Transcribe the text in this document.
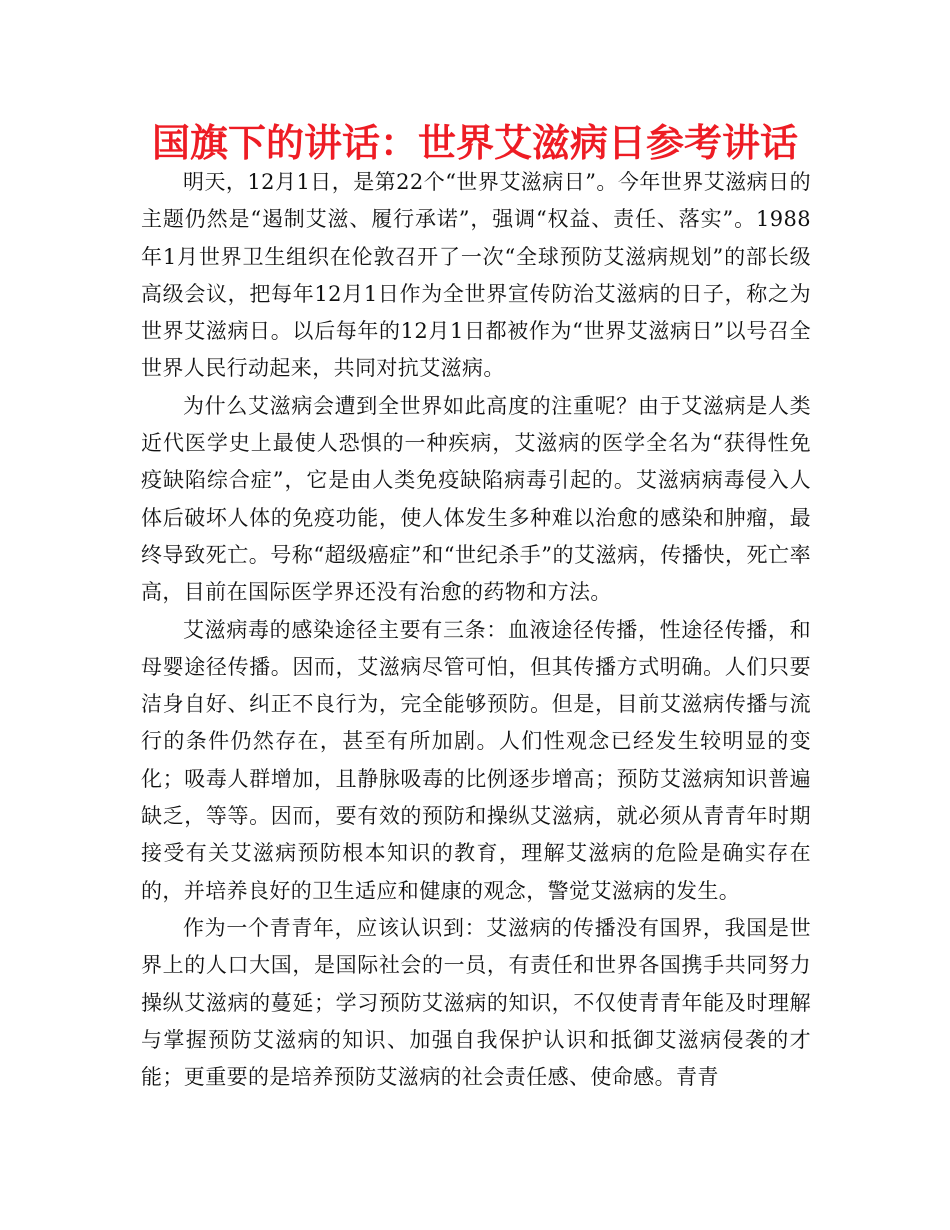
国旗下的讲话：世界艾滋病日参考讲话

明天，12月1日，是第22个“世界艾滋病日”。今年世界艾滋病日的主题仍然是“遏制艾滋、履行承诺”，强调“权益、责任、落实”。1988年1月世界卫生组织在伦敦召开了一次“全球预防艾滋病规划”的部长级高级会议，把每年12月1日作为全世界宣传防治艾滋病的日子，称之为世界艾滋病日。以后每年的12月1日都被作为“世界艾滋病日”以号召全世界人民行动起来，共同对抗艾滋病。

为什么艾滋病会遭到全世界如此高度的注重呢？由于艾滋病是人类近代医学史上最使人恐惧的一种疾病，艾滋病的医学全名为“获得性免疫缺陷综合症”，它是由人类免疫缺陷病毒引起的。艾滋病病毒侵入人体后破坏人体的免疫功能，使人体发生多种难以治愈的感染和肿瘤，最终导致死亡。号称“超级癌症”和“世纪杀手”的艾滋病，传播快，死亡率高，目前在国际医学界还没有治愈的药物和方法。

艾滋病毒的感染途径主要有三条：血液途径传播，性途径传播，和母婴途径传播。因而，艾滋病尽管可怕，但其传播方式明确。人们只要洁身自好、纠正不良行为，完全能够预防。但是，目前艾滋病传播与流行的条件仍然存在，甚至有所加剧。人们性观念已经发生较明显的变化；吸毒人群增加，且静脉吸毒的比例逐步增高；预防艾滋病知识普遍缺乏，等等。因而，要有效的预防和操纵艾滋病，就必须从青青年时期接受有关艾滋病预防根本知识的教育，理解艾滋病的危险是确实存在的，并培养良好的卫生适应和健康的观念，警觉艾滋病的发生。

作为一个青青年，应该认识到：艾滋病的传播没有国界，我国是世界上的人口大国，是国际社会的一员，有责任和世界各国携手共同努力操纵艾滋病的蔓延；学习预防艾滋病的知识，不仅使青青年能及时理解与掌握预防艾滋病的知识、加强自我保护认识和抵御艾滋病侵袭的才能；更重要的是培养预防艾滋病的社会责任感、使命感。青青
